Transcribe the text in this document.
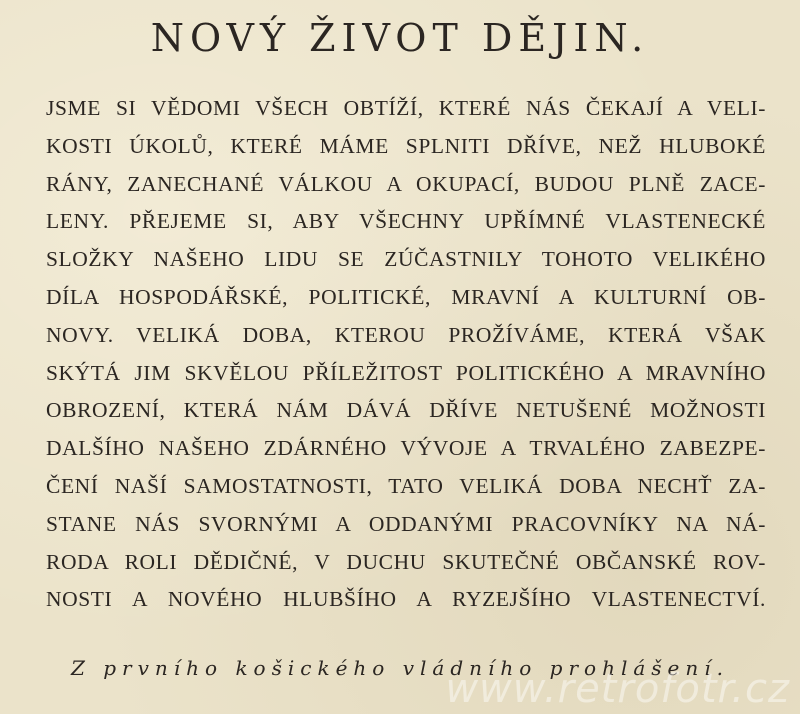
NOVÝ ŽIVOT DĚJIN.
JSME SI VĚDOMI VŠECH OBTÍŽÍ, KTERÉ NÁS ČEKAJÍ A VELI-
KOSTI ÚKOLŮ, KTERÉ MÁME SPLNITI DŘÍVE, NEŽ HLUBOKÉ
RÁNY, ZANECHANÉ VÁLKOU A OKUPACÍ, BUDOU PLNĚ ZACE-
LENY. PŘEJEME SI, ABY VŠECHNY UPŘÍMNÉ VLASTENECKÉ
SLOŽKY NAŠEHO LIDU SE ZÚČASTNILY TOHOTO VELIKÉHO
DÍLA HOSPODÁŘSKÉ, POLITICKÉ, MRAVNÍ A KULTURNÍ OB-
NOVY. VELIKÁ DOBA, KTEROU PROŽÍVÁME, KTERÁ VŠAK
SKÝTÁ JIM SKVĚLOU PŘÍLEŽITOST POLITICKÉHO A MRAVNÍHO
OBROZENÍ, KTERÁ NÁM DÁVÁ DŘÍVE NETUŠENÉ MOŽNOSTI
DALŠÍHO NAŠEHO ZDÁRNÉHO VÝVOJE A TRVALÉHO ZABEZPE-
ČENÍ NAŠÍ SAMOSTATNOSTI, TATO VELIKÁ DOBA NECHŤ ZA-
STANE NÁS SVORNÝMI A ODDANÝMI PRACOVNÍKY NA NÁ-
RODA ROLI DĚDIČNÉ, V DUCHU SKUTEČNÉ OBČANSKÉ ROV-
NOSTI A NOVÉHO HLUBŠÍHO A RYZEJŠÍHO VLASTENECTVÍ.
Z prvního košického vládního prohlášení.
www.retrofotr.cz
